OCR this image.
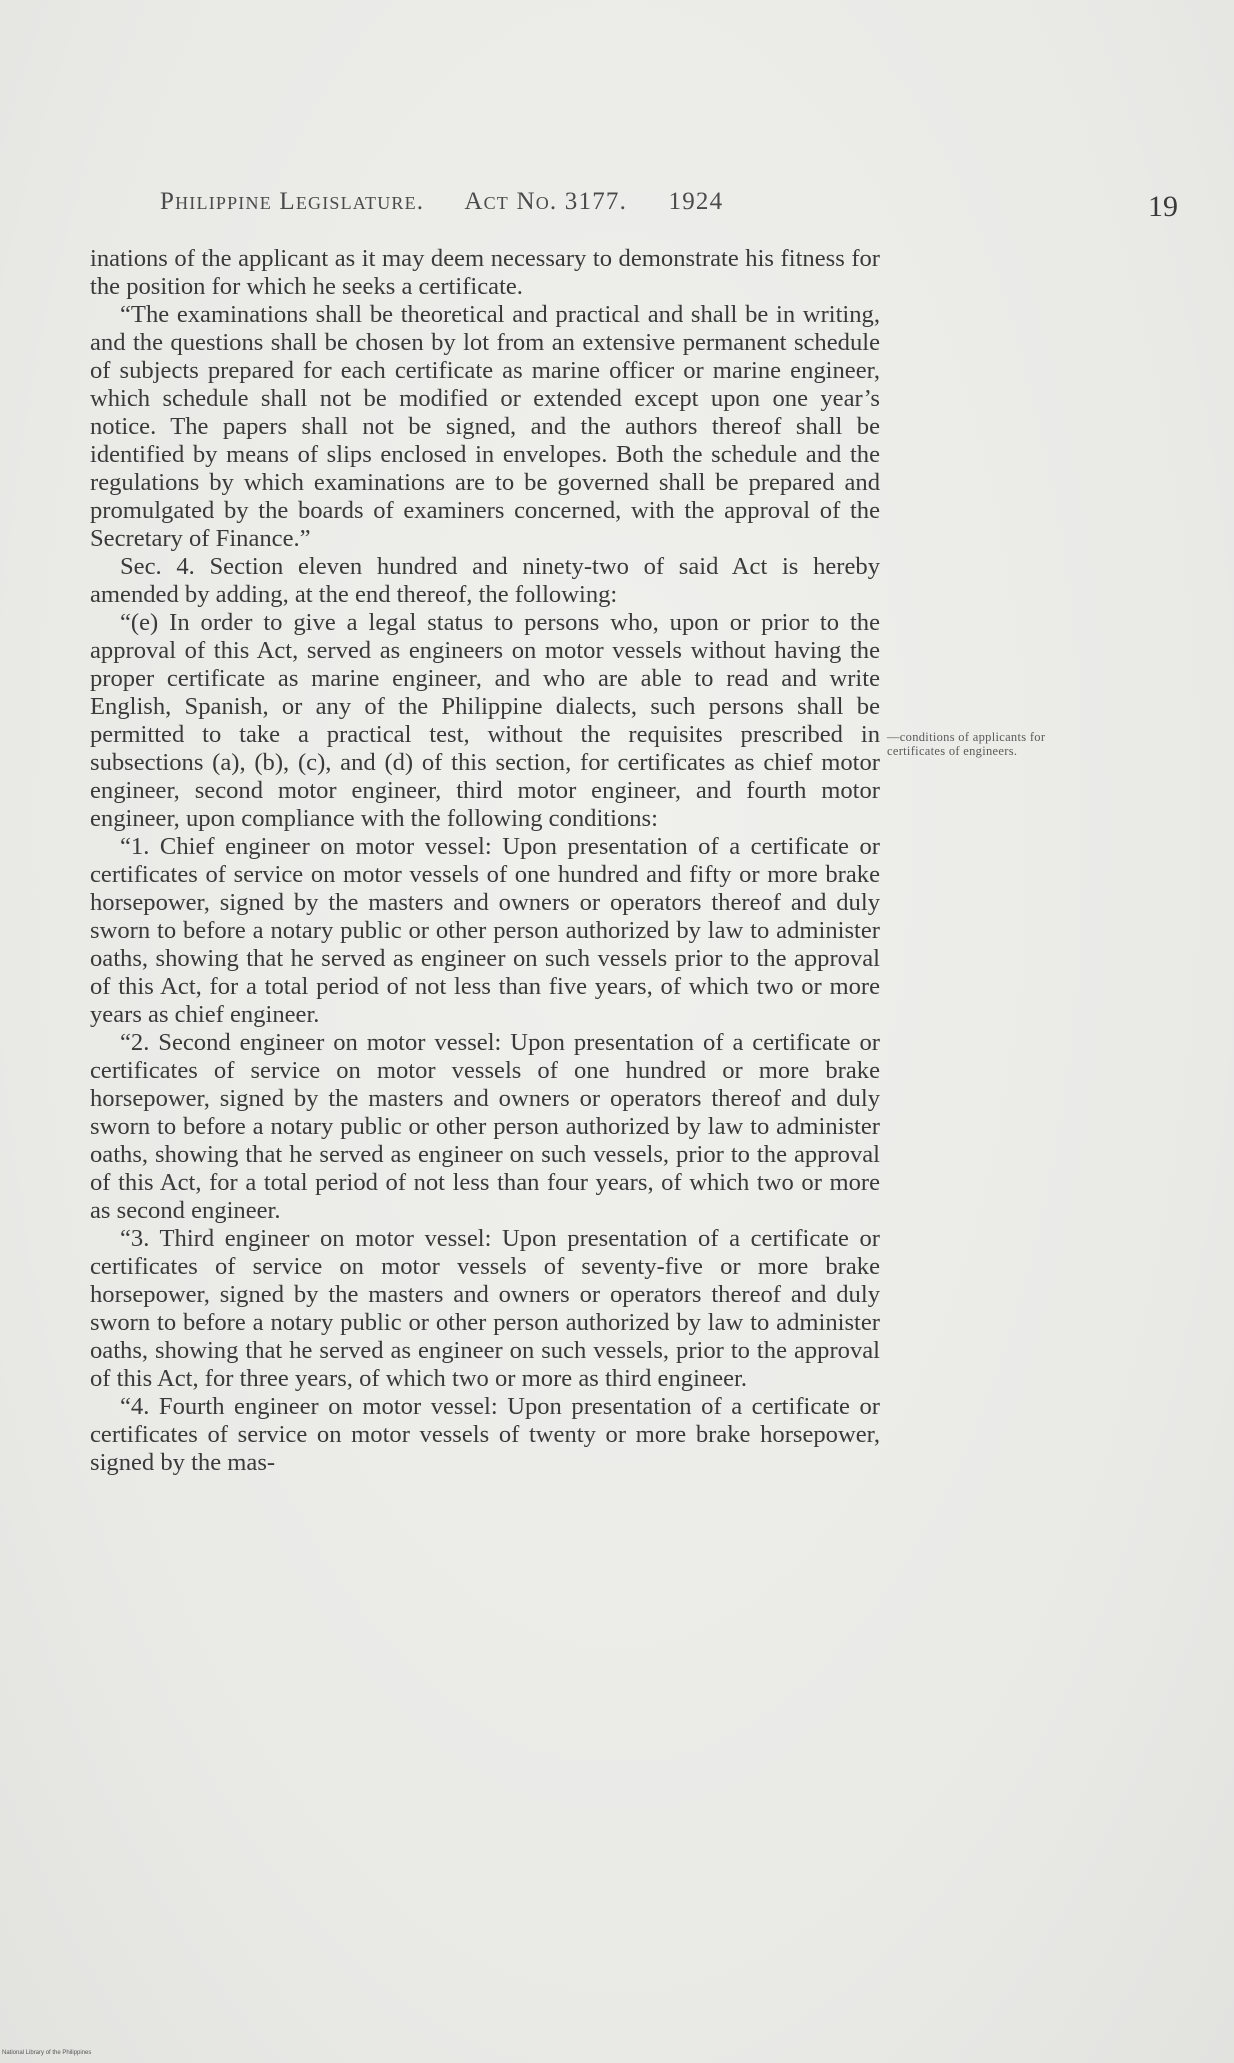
Philippine Legislature. Act No. 3177. 1924	19

inations of the applicant as it may deem necessary to demonstrate his fitness for the position for which he seeks a certificate.

“The examinations shall be theoretical and practical and shall be in writing, and the questions shall be chosen by lot from an extensive permanent schedule of subjects prepared for each certificate as marine officer or marine engineer, which schedule shall not be modified or extended except upon one year’s notice. The papers shall not be signed, and the authors thereof shall be identified by means of slips enclosed in envelopes. Both the schedule and the regulations by which examinations are to be governed shall be prepared and promulgated by the boards of examiners concerned, with the approval of the Secretary of Finance.”

Sec. 4. Section eleven hundred and ninety-two of said Act is hereby amended by adding, at the end thereof, the following:

“(e) In order to give a legal status to persons who, upon or prior to the approval of this Act, served as engineers on motor vessels without having the proper certificate as marine engineer, and who are able to read and write English, Spanish, or any of the Philippine dialects, such persons shall be permitted to take a practical test, without the requisites prescribed in subsections (a), (b), (c), and (d) of this section, for certificates as chief motor engineer, second motor engineer, third motor engineer, and fourth motor engineer, upon compliance with the following conditions:

“1. Chief engineer on motor vessel: Upon presentation of a certificate or certificates of service on motor vessels of one hundred and fifty or more brake horsepower, signed by the masters and owners or operators thereof and duly sworn to before a notary public or other person authorized by law to administer oaths, showing that he served as engineer on such vessels prior to the approval of this Act, for a total period of not less than five years, of which two or more years as chief engineer.

“2. Second engineer on motor vessel: Upon presentation of a certificate or certificates of service on motor vessels of one hundred or more brake horsepower, signed by the masters and owners or operators thereof and duly sworn to before a notary public or other person authorized by law to administer oaths, showing that he served as engineer on such vessels, prior to the approval of this Act, for a total period of not less than four years, of which two or more as second engineer.

“3. Third engineer on motor vessel: Upon presentation of a certificate or certificates of service on motor vessels of seventy-five or more brake horsepower, signed by the masters and owners or operators thereof and duly sworn to before a notary public or other person authorized by law to administer oaths, showing that he served as engineer on such vessels, prior to the approval of this Act, for three years, of which two or more as third engineer.

“4. Fourth engineer on motor vessel: Upon presentation of a certificate or certificates of service on motor vessels of twenty or more brake horsepower, signed by the mas-

—conditions of applicants for certificates of engineers.
National Library of the Philippines
